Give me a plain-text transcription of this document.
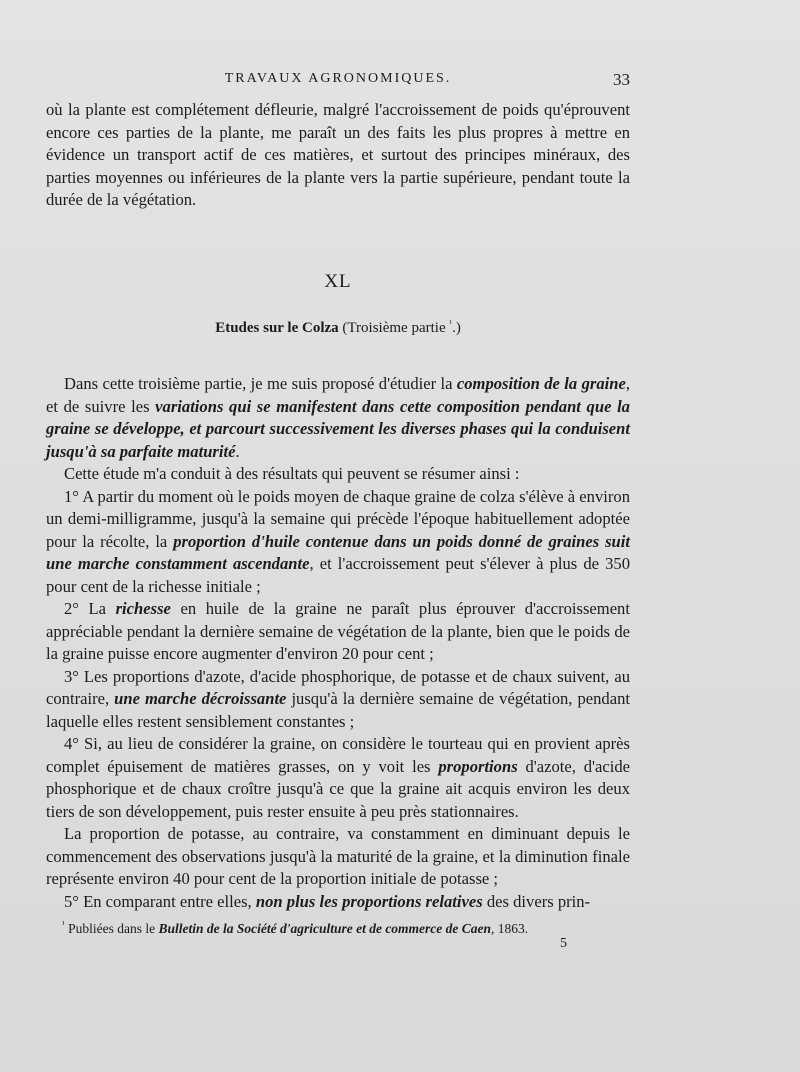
TRAVAUX AGRONOMIQUES.	33

où la plante est complétement défleurie, malgré l'accroissement de poids qu'éprouvent encore ces parties de la plante, me paraît un des faits les plus propres à mettre en évidence un transport actif de ces matières, et surtout des principes minéraux, des parties moyennes ou inférieures de la plante vers la partie supérieure, pendant toute la durée de la végétation.

XL
Etudes sur le Colza (Troisième partie $^{^1}$.)

Dans cette troisième partie, je me suis proposé d'étudier la composition de la graine, et de suivre les variations qui se manifestent dans cette composition pendant que la graine se développe, et parcourt successivement les diverses phases qui la conduisent jusqu'à sa parfaite maturité.

Cette étude m'a conduit à des résultats qui peuvent se résumer ainsi :

1° A partir du moment où le poids moyen de chaque graine de colza s'élève à environ un demi-milligramme, jusqu'à la semaine qui précède l'époque habituellement adoptée pour la récolte, la proportion d'huile contenue dans un poids donné de graines suit une marche constamment ascendante, et l'accroissement peut s'élever à plus de 350 pour cent de la richesse initiale ;

2° La richesse en huile de la graine ne paraît plus éprouver d'accroissement appréciable pendant la dernière semaine de végétation de la plante, bien que le poids de la graine puisse encore augmenter d'environ 20 pour cent ;

3° Les proportions d'azote, d'acide phosphorique, de potasse et de chaux suivent, au contraire, une marche décroissante jusqu'à la dernière semaine de végétation, pendant laquelle elles restent sensiblement constantes ;

4° Si, au lieu de considérer la graine, on considère le tourteau qui en provient après complet épuisement de matières grasses, on y voit les proportions d'azote, d'acide phosphorique et de chaux croître jusqu'à ce que la graine ait acquis environ les deux tiers de son développement, puis rester ensuite à peu près stationnaires.

La proportion de potasse, au contraire, va constamment en diminuant depuis le commencement des observations jusqu'à la maturité de la graine, et la diminution finale représente environ 40 pour cent de la proportion initiale de potasse ;

5° En comparant entre elles, non plus les proportions relatives des divers prin-

$^{^1}$ Publiées dans le Bulletin de la Société d'agriculture et de commerce de Caen, 1863.
5
